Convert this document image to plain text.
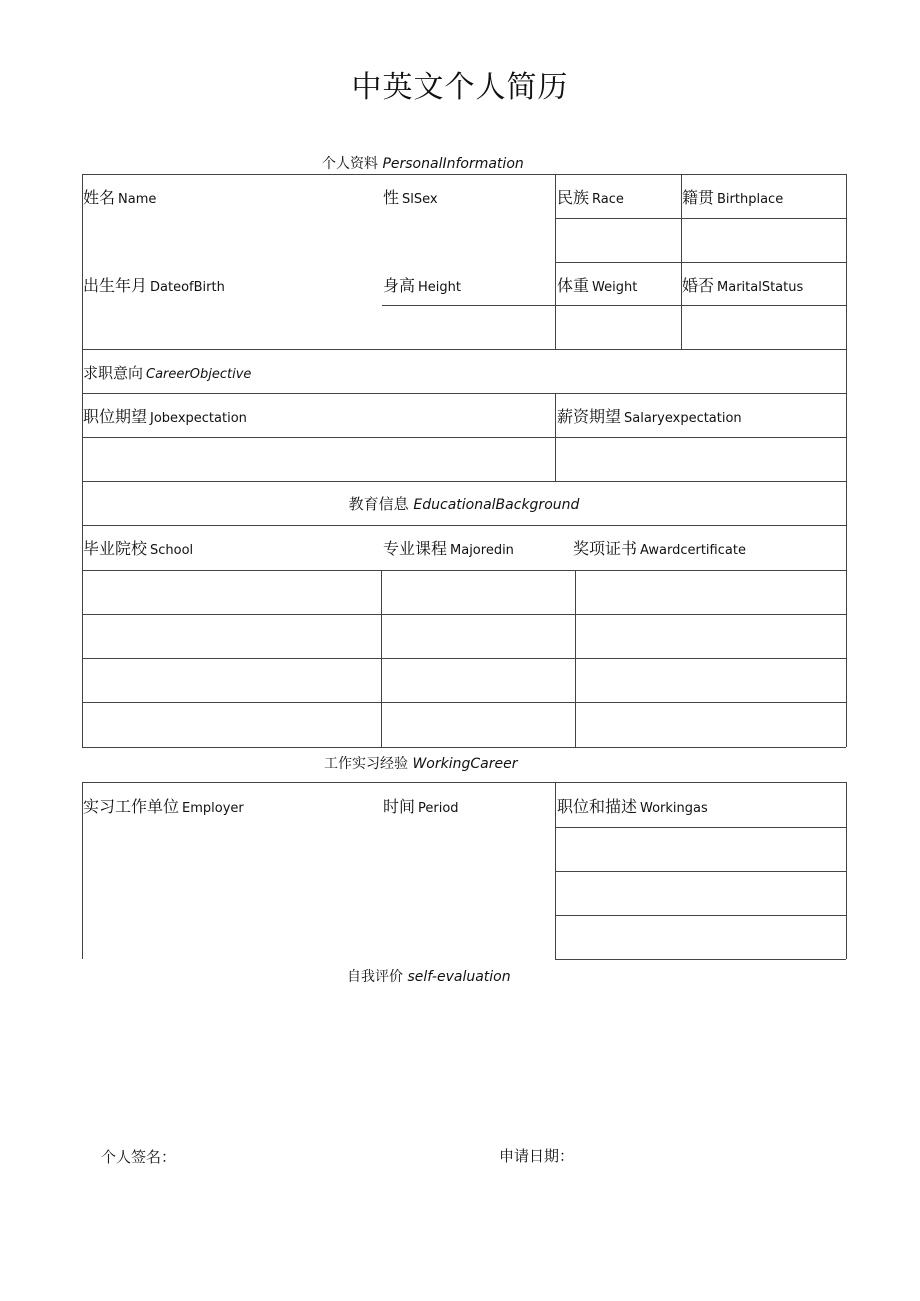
中英文个人简历
个人资料 PersonalInformation
姓名 Name	性 SlSex	民族 Race	籍贯 Birthplace
出生年月 DateofBirth	身高 Height	体重 Weight	婚否 MaritalStatus
求职意向 CareerObjective
职位期望 Jobexpectation	薪资期望 Salaryexpectation
教育信息 EducationalBackground
毕业院校 School	专业课程 Majoredin	奖项证书 Awardcertificate
工作实习经验 WorkingCareer
实习工作单位 Employer	时间 Period	职位和描述 Workingas
自我评价 self-evaluation
个人签名：	申请日期：
